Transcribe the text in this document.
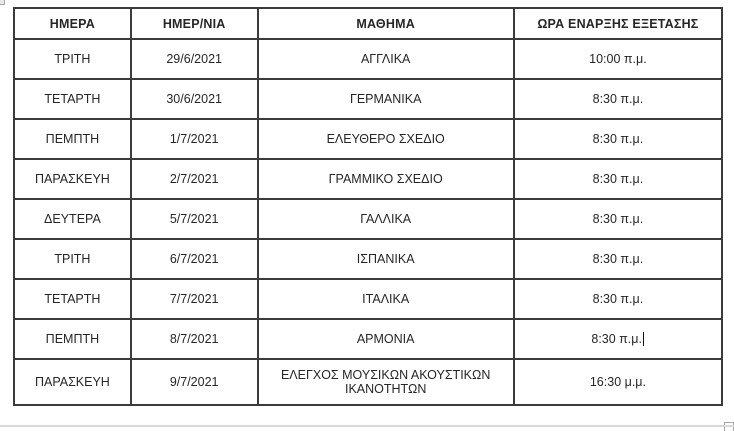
ΗΜΕΡΑ	ΗΜΕΡ/ΝΙΑ	ΜΑΘΗΜΑ	ΩΡΑ ΕΝΑΡΞΗΣ ΕΞΕΤΑΣΗΣ
ΤΡΙΤΗ	29/6/2021	ΑΓΓΛΙΚΑ	10:00 π.μ.
ΤΕΤΑΡΤΗ	30/6/2021	ΓΕΡΜΑΝΙΚΑ	8:30 π.μ.
ΠΕΜΠΤΗ	1/7/2021	ΕΛΕΥΘΕΡΟ ΣΧΕΔΙΟ	8:30 π.μ.
ΠΑΡΑΣΚΕΥΗ	2/7/2021	ΓΡΑΜΜΙΚΟ ΣΧΕΔΙΟ	8:30 π.μ.
ΔΕΥΤΕΡΑ	5/7/2021	ΓΑΛΛΙΚΑ	8:30 π.μ.
ΤΡΙΤΗ	6/7/2021	ΙΣΠΑΝΙΚΑ	8:30 π.μ.
ΤΕΤΑΡΤΗ	7/7/2021	ΙΤΑΛΙΚΑ	8:30 π.μ.
ΠΕΜΠΤΗ	8/7/2021	ΑΡΜΟΝΙΑ	8:30 π.μ.
ΠΑΡΑΣΚΕΥΗ	9/7/2021	ΕΛΕΓΧΟΣ ΜΟΥΣΙΚΩΝ ΑΚΟΥΣΤΙΚΩΝ ΙΚΑΝΟΤΗΤΩΝ	16:30 μ.μ.
